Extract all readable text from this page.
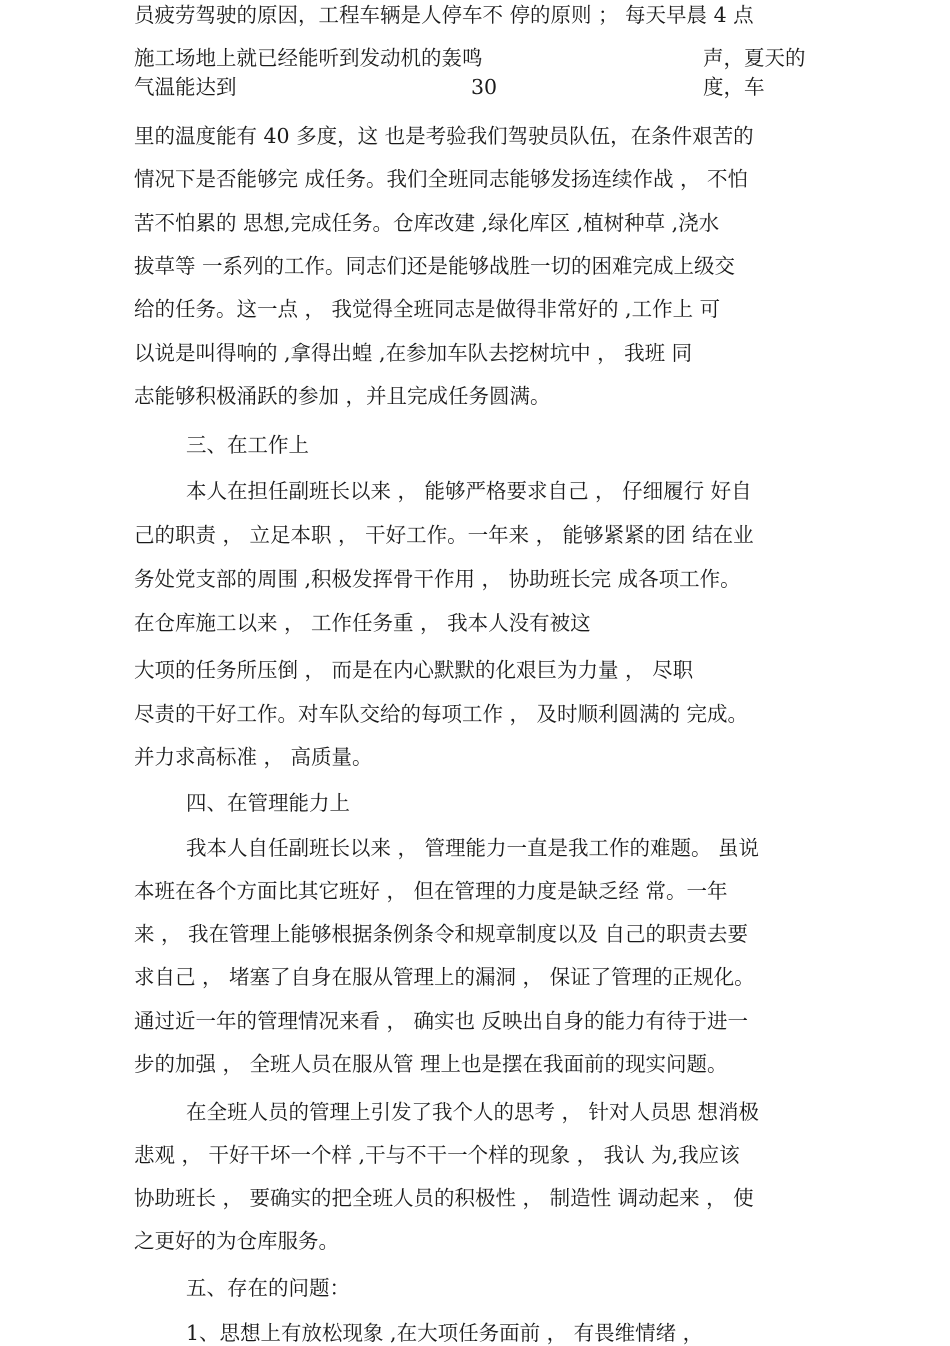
员疲劳驾驶的原因，工程车辆是人停车不 停的原则 ； 每天早晨 4 点
施工场地上就已经能听到发动机的轰鸣	声，夏天的
气温能达到	30	度，车
里的温度能有 40 多度，这 也是考验我们驾驶员队伍，在条件艰苦的
情况下是否能够完 成任务。我们全班同志能够发扬连续作战 ， 不怕
苦不怕累的 思想,完成任务。仓库改建 ,绿化库区 ,植树种草 ,浇水
拔草等 一系列的工作。同志们还是能够战胜一切的困难完成上级交
给的任务。这一点 ， 我觉得全班同志是做得非常好的 ,工作上 可
以说是叫得响的 ,拿得出蝗 ,在参加车队去挖树坑中 ， 我班 同
志能够积极涌跃的参加 ，并且完成任务圆满。
三、在工作上
本人在担任副班长以来 ， 能够严格要求自己 ， 仔细履行 好自
己的职责 ， 立足本职 ， 干好工作。一年来 ， 能够紧紧的团 结在业
务处党支部的周围 ,积极发挥骨干作用 ， 协助班长完 成各项工作。
在仓库施工以来 ， 工作任务重 ， 我本人没有被这
大项的任务所压倒 ， 而是在内心默默的化艰巨为力量 ， 尽职
尽责的干好工作。对车队交给的每项工作 ， 及时顺利圆满的 完成。
并力求高标准 ， 高质量。
四、在管理能力上
我本人自任副班长以来 ， 管理能力一直是我工作的难题。 虽说
本班在各个方面比其它班好 ， 但在管理的力度是缺乏经 常。一年
来 ， 我在管理上能够根据条例条令和规章制度以及 自己的职责去要
求自己 ， 堵塞了自身在服从管理上的漏洞 ， 保证了管理的正规化。
通过近一年的管理情况来看 ， 确实也 反映出自身的能力有待于进一
步的加强 ， 全班人员在服从管 理上也是摆在我面前的现实问题。
在全班人员的管理上引发了我个人的思考 ， 针对人员思 想消极
悲观 ， 干好干坏一个样 ,干与不干一个样的现象 ， 我认 为,我应该
协助班长 ， 要确实的把全班人员的积极性 ， 制造性 调动起来 ， 使
之更好的为仓库服务。
五、存在的问题：
1、思想上有放松现象 ,在大项任务面前 ， 有畏维情绪 ，
